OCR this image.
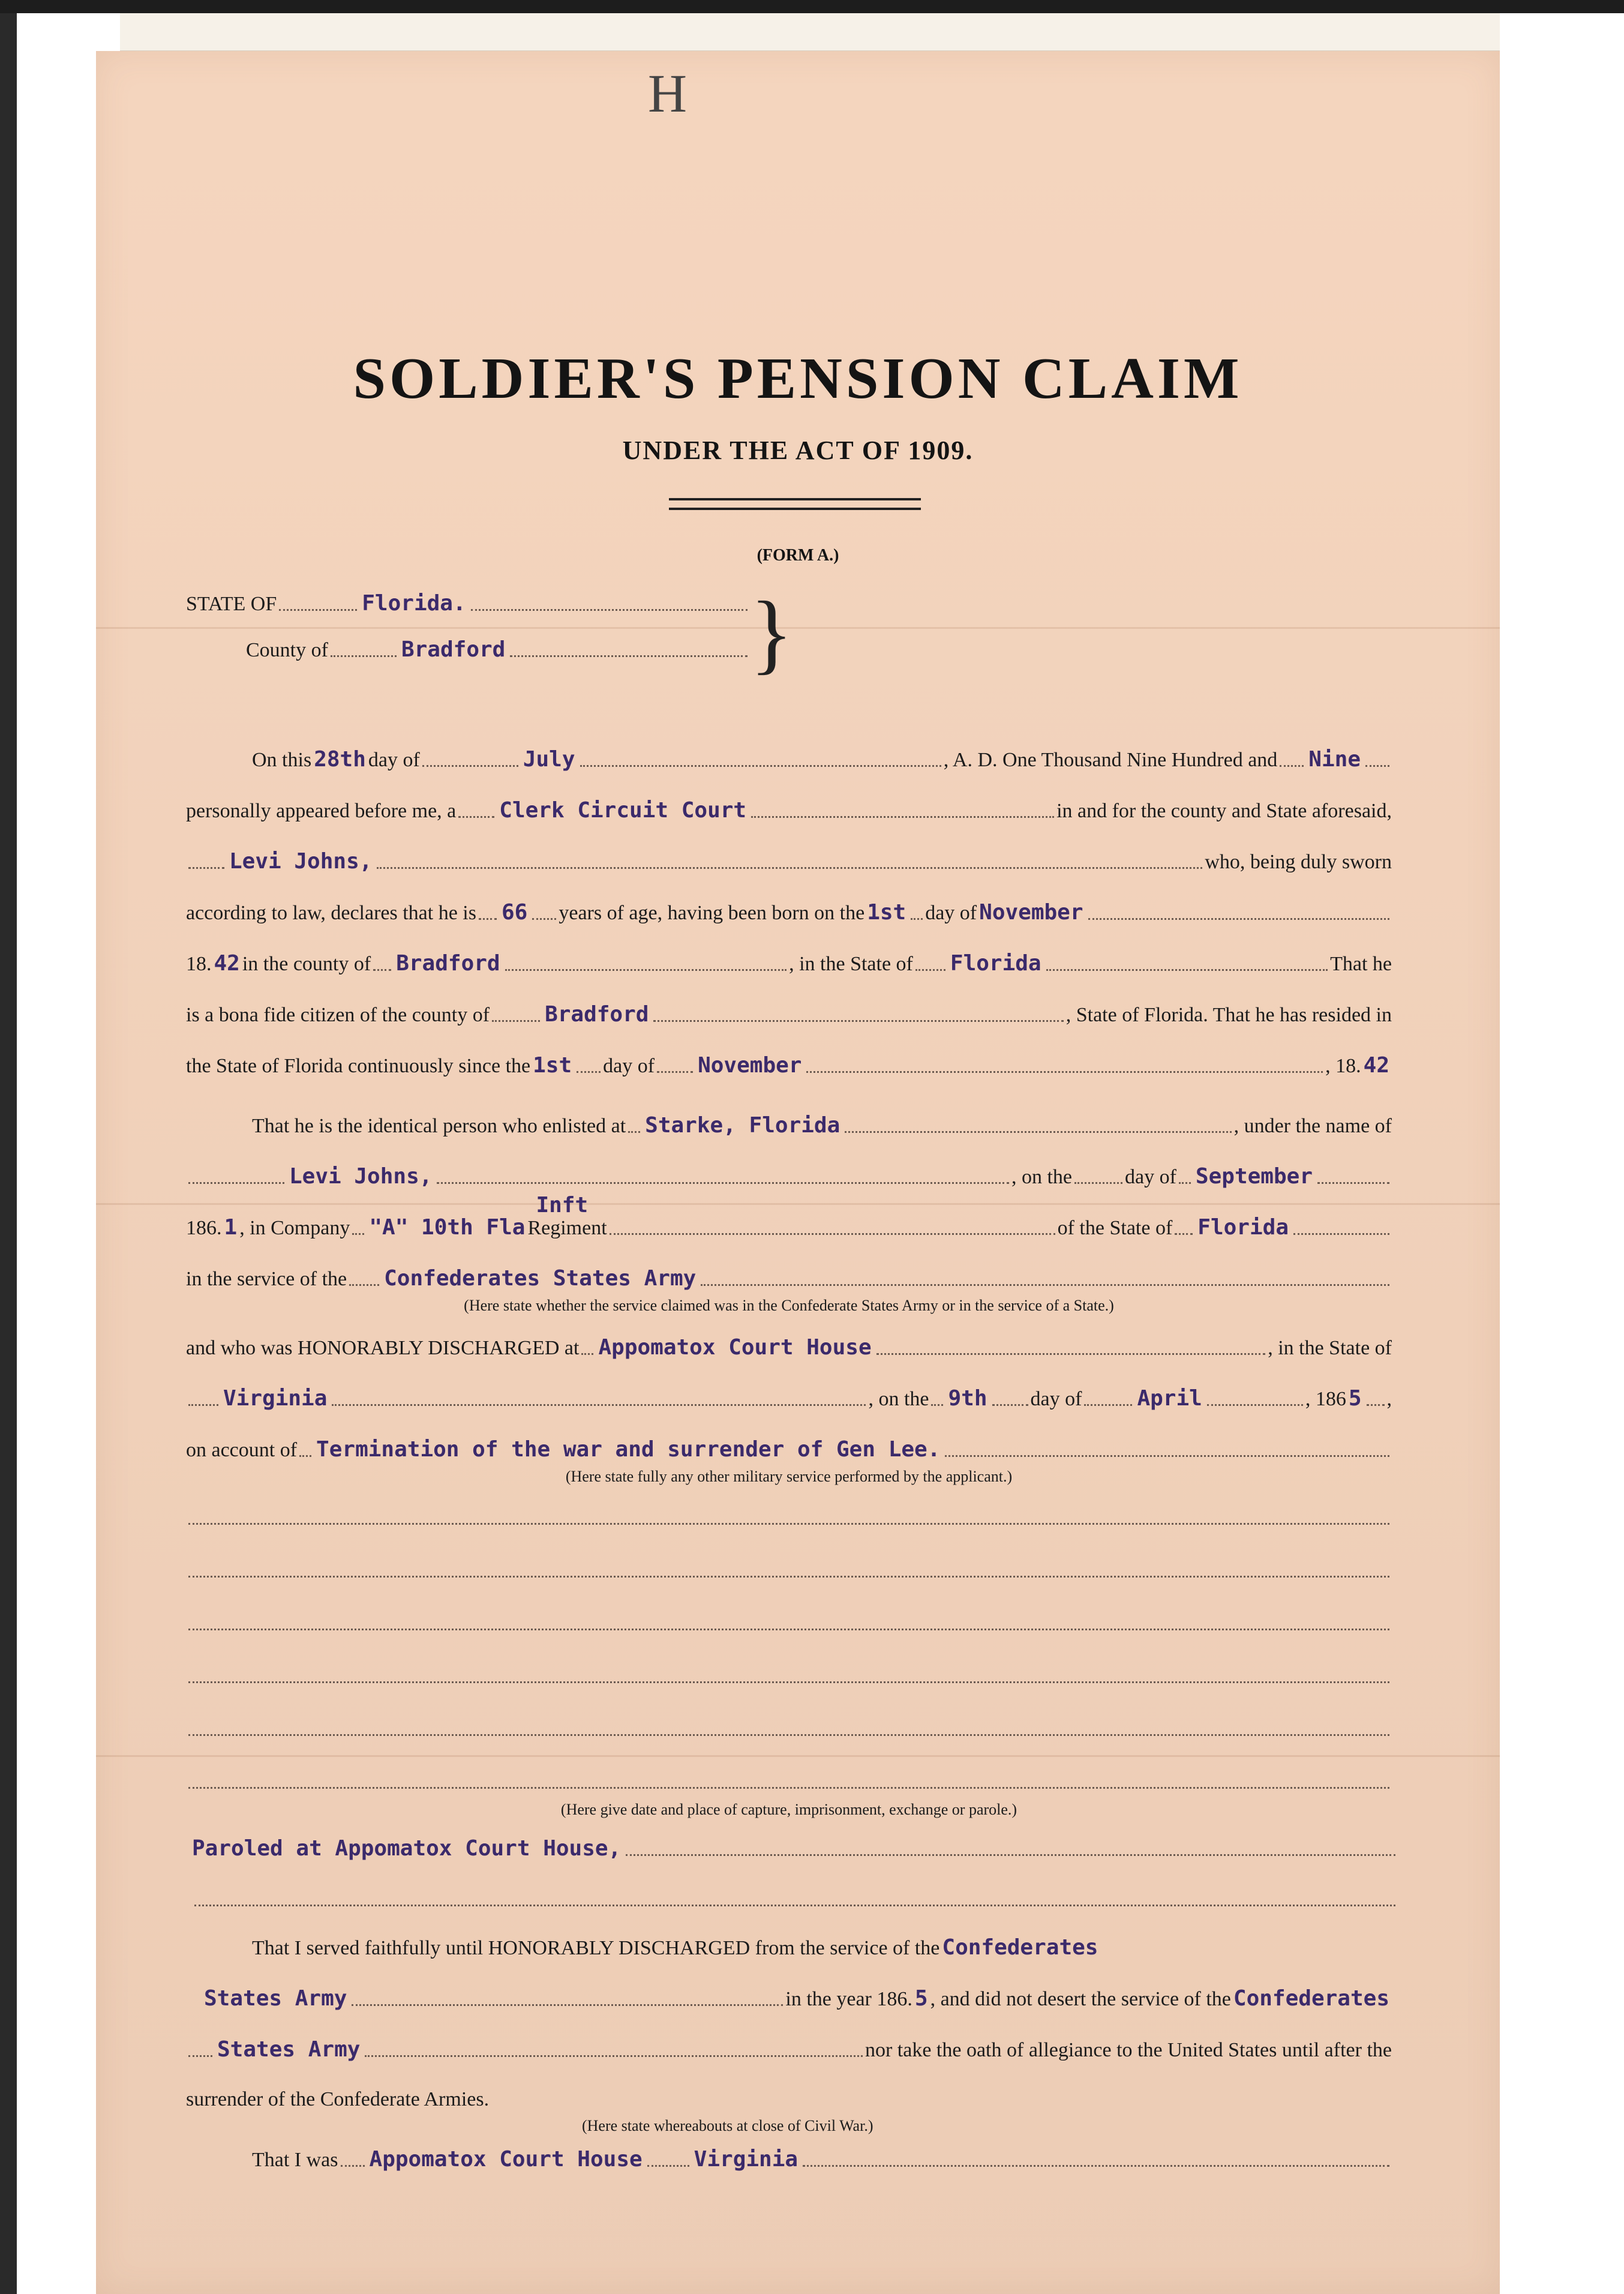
H
SOLDIER'S PENSION CLAIM
UNDER THE ACT OF 1909.
(FORM A.)
STATE OF	Florida.
County of	Bradford	}
On this 28th day of	July	, A. D. One Thousand Nine Hundred and Nine
personally appeared before me, a Clerk Circuit Court	in and for the county and State aforesaid,
Levi Johns,	who, being duly sworn
according to law, declares that he is 66 years of age, having been born on the 1st day of November
18. 42 in the county of Bradford	, in the State of Florida	That he
is a bona fide citizen of the county of	Bradford	, State of Florida. That he has resided in
the State of Florida continuously since the 1st day of November	, 18. 42
That he is the identical person who enlisted at Starke, Florida	, under the name of
Levi Johns,	, on the	day of September
186. 1 , in Company "A" 10th Fla
Inft
Regiment	of the State of Florida
in the service of the Confederates States Army
(Here state whether the service claimed was in the Confederate States Army or in the service of a State.)
and who was HONORABLY DISCHARGED at Appomatox Court House	, in the State of
Virginia	, on the 9th day of	April	, 186 5 ,
on account of Termination of the war and surrender of Gen Lee.
(Here state fully any other military service performed by the applicant.)
(Here give date and place of capture, imprisonment, exchange or parole.)
Paroled at Appomatox Court House,
That I served faithfully until HONORABLY DISCHARGED from the service of the Confederates
States Army	in the year 186. 5 , and did not desert the service of the Confederates
States Army	nor take the oath of allegiance to the United States until after the
surrender of the Confederate Armies.
(Here state whereabouts at close of Civil War.)
That I was Appomatox Court House Virginia
